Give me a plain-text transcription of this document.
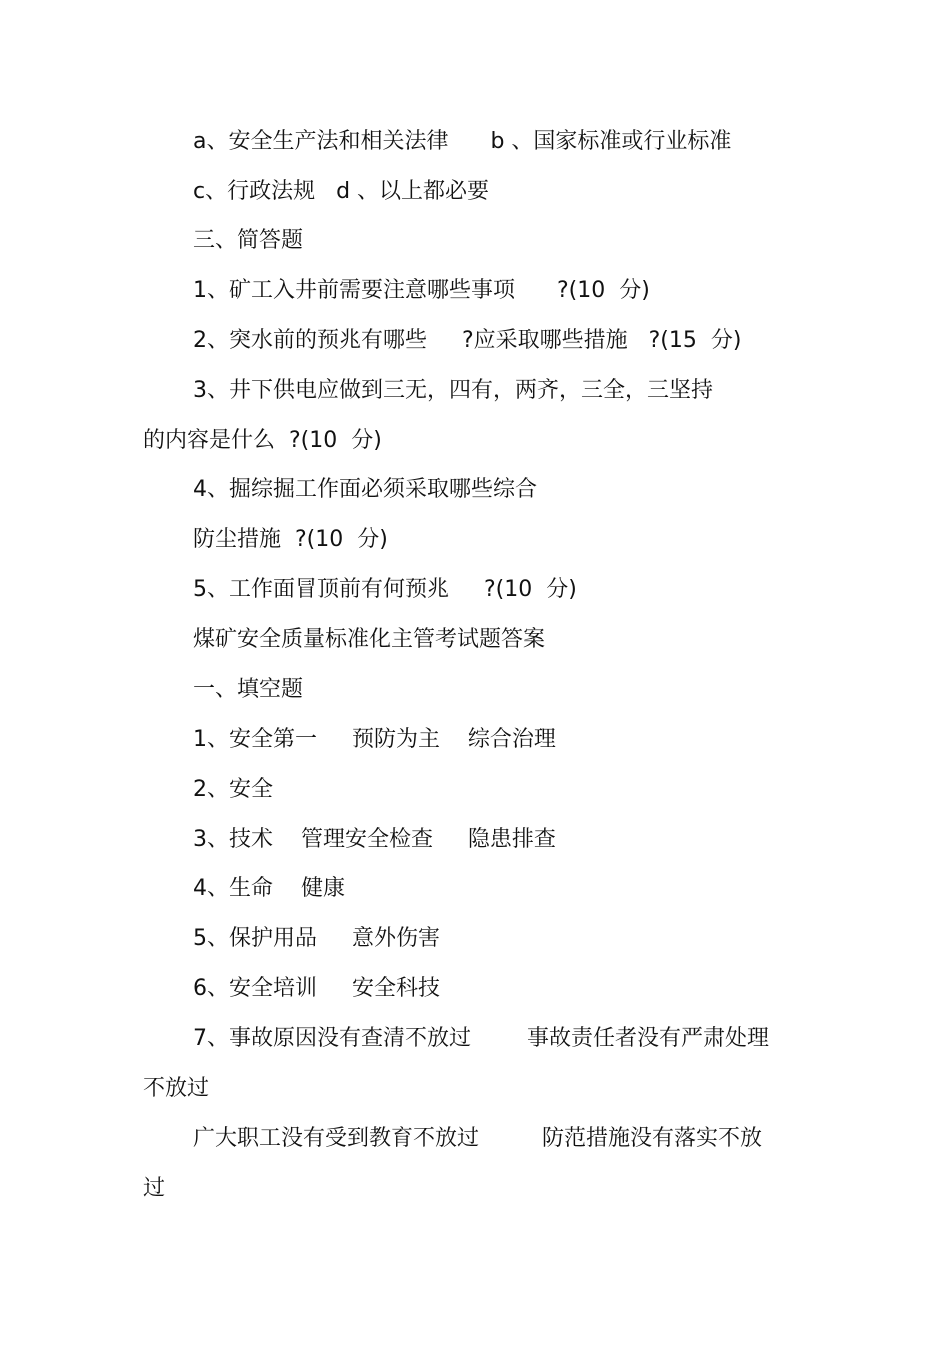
a、安全生产法和相关法律      b 、国家标准或行业标准
c、行政法规   d 、以上都必要
三、简答题
1、矿工入井前需要注意哪些事项      ?(10  分)
2、突水前的预兆有哪些     ?应采取哪些措施   ?(15  分)
3、井下供电应做到三无，四有，两齐，三全，三坚持
的内容是什么  ?(10  分)
4、掘综掘工作面必须采取哪些综合
防尘措施  ?(10  分)
5、工作面冒顶前有何预兆     ?(10  分)
煤矿安全质量标准化主管考试题答案
一、填空题
1、安全第一     预防为主    综合治理
2、安全
3、技术    管理安全检查     隐患排查
4、生命    健康
5、保护用品     意外伤害
6、安全培训     安全科技
7、事故原因没有查清不放过        事故责任者没有严肃处理
不放过
广大职工没有受到教育不放过         防范措施没有落实不放
过
